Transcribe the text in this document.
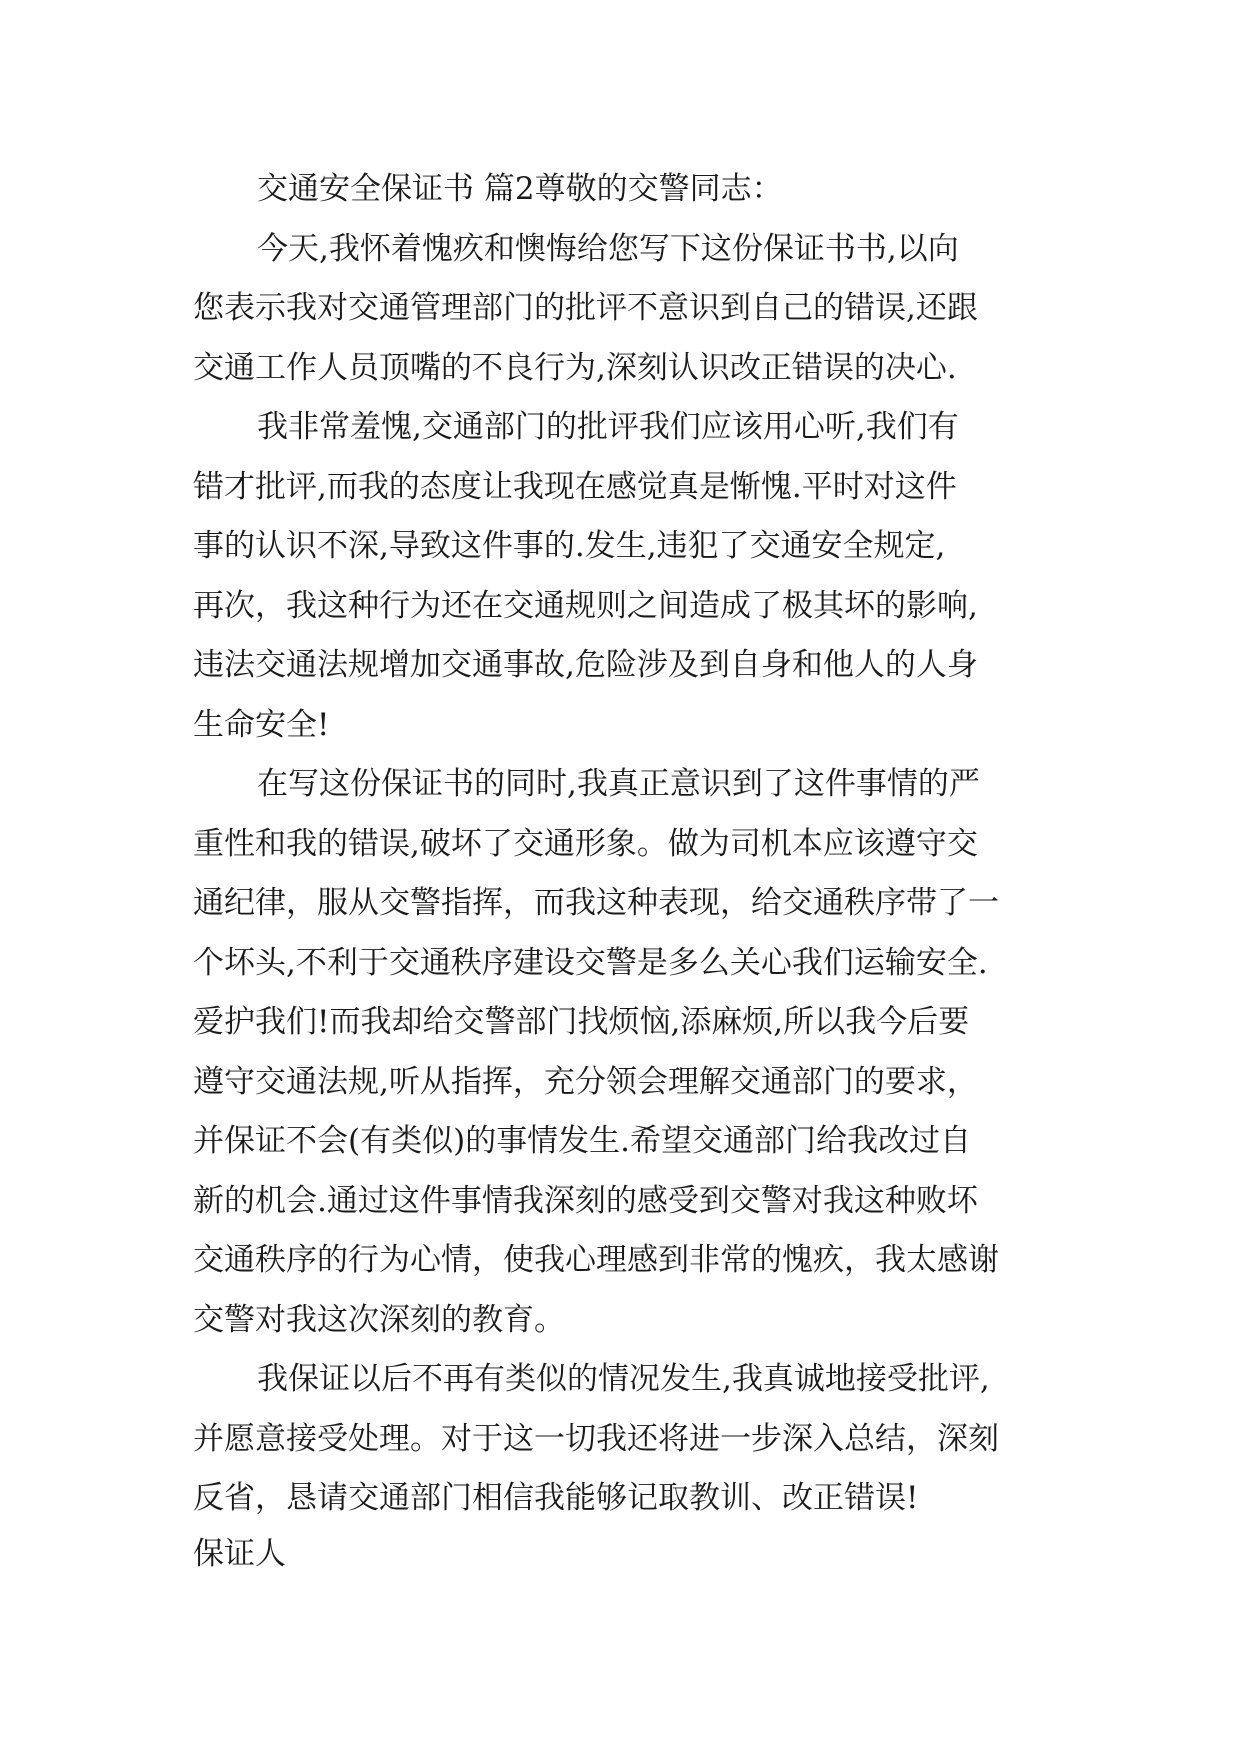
交通安全保证书 篇2尊敬的交警同志：
今天,我怀着愧疚和懊悔给您写下这份保证书书,以向
您表示我对交通管理部门的批评不意识到自己的错误,还跟
交通工作人员顶嘴的不良行为,深刻认识改正错误的决心.
我非常羞愧,交通部门的批评我们应该用心听,我们有
错才批评,而我的态度让我现在感觉真是惭愧.平时对这件
事的认识不深,导致这件事的.发生,违犯了交通安全规定,
再次，我这种行为还在交通规则之间造成了极其坏的影响,
违法交通法规增加交通事故,危险涉及到自身和他人的人身
生命安全!
在写这份保证书的同时,我真正意识到了这件事情的严
重性和我的错误,破坏了交通形象。做为司机本应该遵守交
通纪律，服从交警指挥，而我这种表现，给交通秩序带了一
个坏头,不利于交通秩序建设交警是多么关心我们运输安全.
爱护我们!而我却给交警部门找烦恼,添麻烦,所以我今后要
遵守交通法规,听从指挥，充分领会理解交通部门的要求，
并保证不会(有类似)的事情发生.希望交通部门给我改过自
新的机会.通过这件事情我深刻的感受到交警对我这种败坏
交通秩序的行为心情，使我心理感到非常的愧疚，我太感谢
交警对我这次深刻的教育。
我保证以后不再有类似的情况发生,我真诚地接受批评,
并愿意接受处理。对于这一切我还将进一步深入总结，深刻
反省，恳请交通部门相信我能够记取教训、改正错误!
保证人
